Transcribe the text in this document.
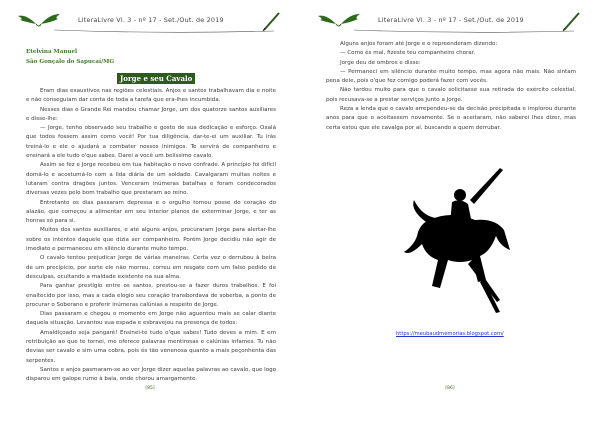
LiteraLivre Vl. 3 - nº 17 - Set./Out. de 2019
Etelvina Manuel
São Gonçalo do Sapucaí/MG
Jorge e seu Cavalo

Eram dias exaustivos nas regiões celestiais. Anjos e santos trabalhavam dia e noite e não conseguiam dar conta de toda a tarefa que era-lhes incumbida.

Nesses dias o Grande Rei mandou chamar Jorge, um dos quatorze santos auxiliares e disse-lhe:

— Jorge, tenho observado seu trabalho e gosto de sua dedicação e esforço. Oxalá que todos fossem assim como você! Por tua diligência, dar-te-ei um auxiliar. Tu irás treiná-lo e ele o ajudará a combater nossos inimigos. Te servirá de companheiro e ensinará a ele tudo o'que sabes. Darei a você um belíssimo cavalo.

Assim se fez e Jorge recebeu em tua habitação o novo confrade. A princípio foi difícil domá-lo e acostumá-lo com a lida diária de um soldado. Cavalgaram muitas noites e lutaram contra dragões juntos. Venceram inúmeras batalhas e foram condecorados diversas vezes pelo bom trabalho que prestaram ao reino.

Entretanto os dias passaram depressa e o orgulho tomou posse do coração do alazão, que começou a alimentar em seu interior planos de exterminar Jorge, e ter as honras só para si.

Muitos dos santos auxiliares, e até alguns anjos, procuraram Jorge para alertar-lhe sobre os intentos daquele que dizia ser companheiro. Porém Jorge decidiu não agir de imediato e permaneceu em silêncio durante muito tempo.

O cavalo tentou prejudicar Jorge de várias maneiras. Certa vez o derrubou à beira de um precipício, por sorte ele não morreu, correu em resgate com um falso pedido de desculpas, ocultando a maldade existente na sua alma.

Para ganhar prestígio entre os santos, prestou-se a fazer duros trabalhos. E foi enaltecido por isso, mas a cada elogio seu coração transbordava de soberba, a ponto de procurar o Soberano e proferir inúmeras calúnias a respeito de Jorge.

Dias passaram e chegou o momento em Jorge não aguentou mais se calar diante daquela situação. Levantou sua espada e esbravejou na presença de todos:

Amaldiçoado seja pangaré! Ensinei-te tudo o'que sabes! Tudo deves a mim. E em retribuição ao que te tornei, me oferece palavras mentirosas e calúnias infames. Tu não devias ser cavalo e sim uma cobra, pois és tão venenosa quanto a mais peçonhenta das serpentes.

Santos e anjos pasmaram-se ao ver Jorge dizer aquelas palavras ao cavalo, que logo disparou em galope rumo à baía, onde chorou amargamente.

[85]
LiteraLivre Vl. 3 - nº 17 - Set./Out. de 2019

Alguns anjos foram até Jorge e o repreenderam dizendo:

— Como és mal, fizeste teu companheiro chorar.

Jorge deu de ombros e disse:

— Permaneci em silêncio durante muito tempo, mas agora não mais. Não sintam pena dele, pois o'que fez comigo poderá fazer com vocês.

Não tardou muito para que o cavalo solicitasse sua retirada do exército celestial, pois recusava-se a prestar serviços junto a Jorge.

Reza a lenda que o cavalo arrependeu-se da decisão precipitada e implorou durante anos para que o aceitassem novamente. Se o aceitaram, não saberei lhes dizer, mas certa estou que ele cavalga por aí, buscando a quem derrubar.

[86]
https://meubaudmemorias.blogspot.com/
